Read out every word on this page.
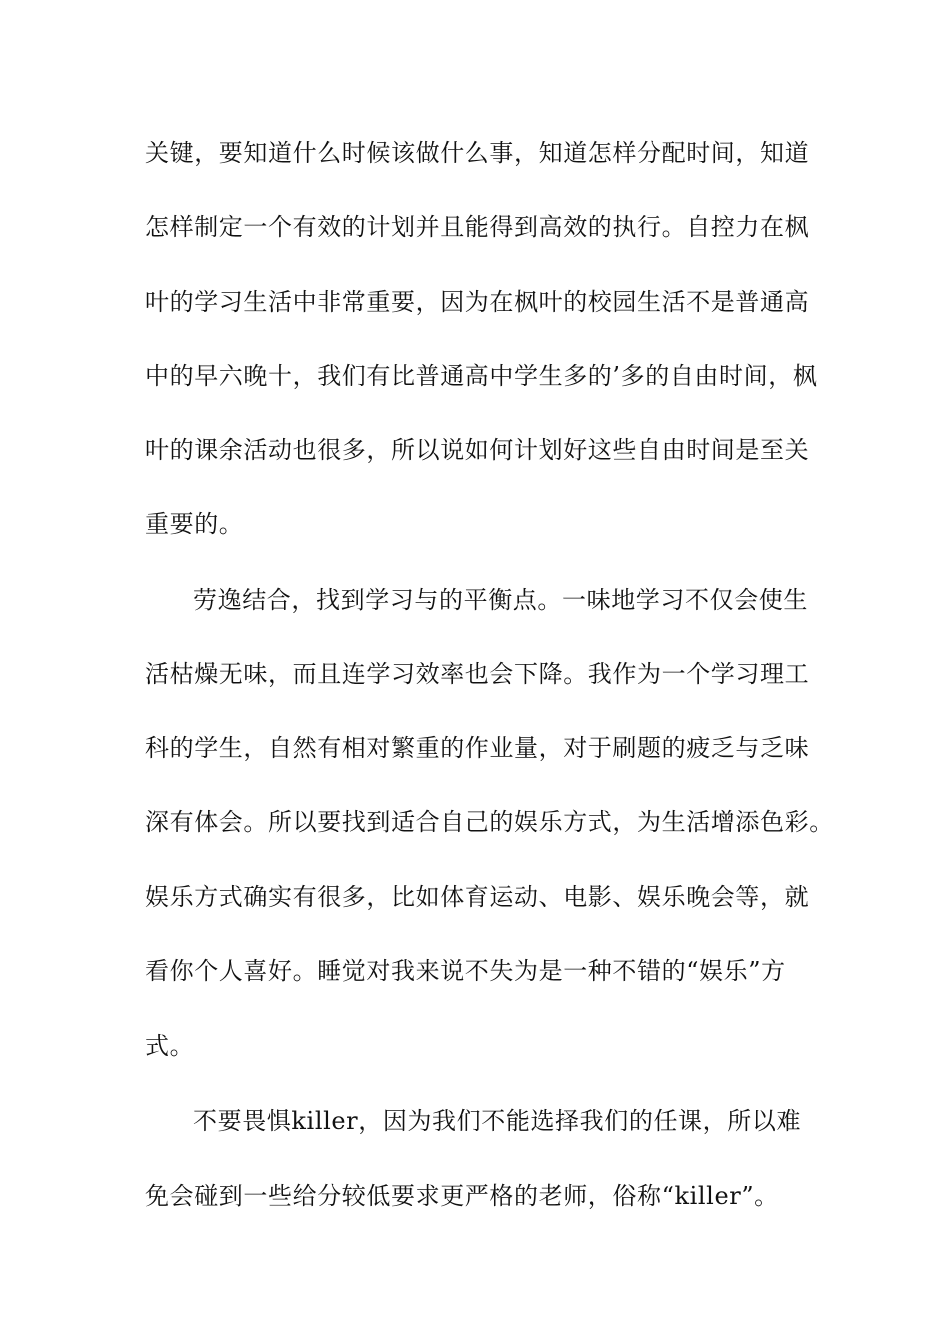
关键，要知道什么时候该做什么事，知道怎样分配时间，知道
怎样制定一个有效的计划并且能得到高效的执行。自控力在枫
叶的学习生活中非常重要，因为在枫叶的校园生活不是普通高
中的早六晚十，我们有比普通高中学生多的’多的自由时间，枫
叶的课余活动也很多，所以说如何计划好这些自由时间是至关
重要的。
劳逸结合，找到学习与的平衡点。一味地学习不仅会使生
活枯燥无味，而且连学习效率也会下降。我作为一个学习理工
科的学生，自然有相对繁重的作业量，对于刷题的疲乏与乏味
深有体会。所以要找到适合自己的娱乐方式，为生活增添色彩。
娱乐方式确实有很多，比如体育运动、电影、娱乐晚会等，就
看你个人喜好。睡觉对我来说不失为是一种不错的“娱乐”方
式。
不要畏惧killer，因为我们不能选择我们的任课，所以难
免会碰到一些给分较低要求更严格的老师，俗称“killer”。
